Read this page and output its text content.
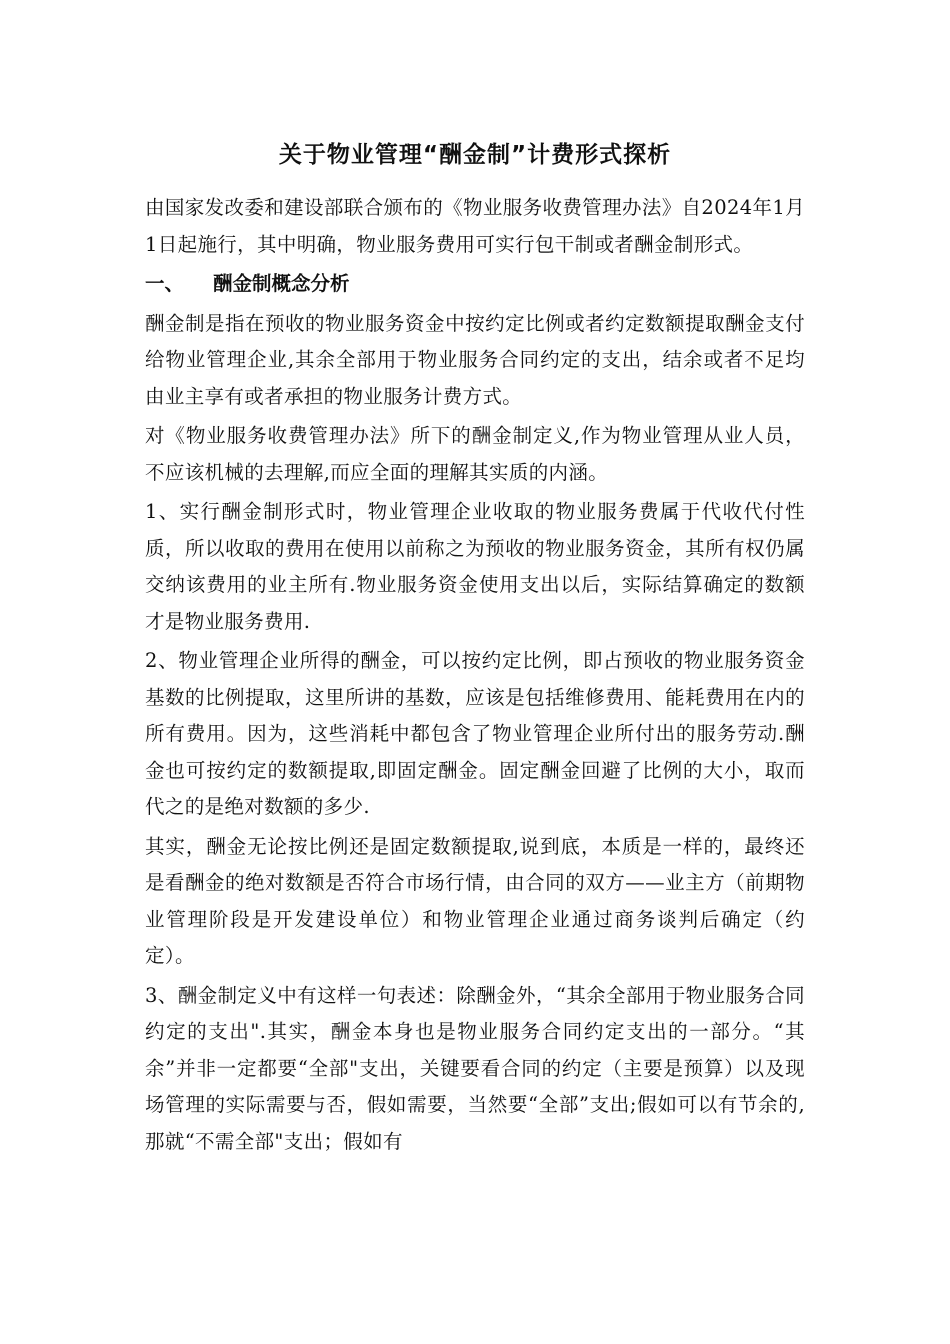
关于物业管理“酬金制”计费形式探析

由国家发改委和建设部联合颁布的《物业服务收费管理办法》自2024年1月1日起施行，其中明确，物业服务费用可实行包干制或者酬金制形式。

一、	酬金制概念分析

酬金制是指在预收的物业服务资金中按约定比例或者约定数额提取酬金支付给物业管理企业,其余全部用于物业服务合同约定的支出，结余或者不足均由业主享有或者承担的物业服务计费方式。

对《物业服务收费管理办法》所下的酬金制定义,作为物业管理从业人员，不应该机械的去理解,而应全面的理解其实质的内涵。

1、实行酬金制形式时，物业管理企业收取的物业服务费属于代收代付性质，所以收取的费用在使用以前称之为预收的物业服务资金，其所有权仍属交纳该费用的业主所有.物业服务资金使用支出以后，实际结算确定的数额才是物业服务费用.

2、物业管理企业所得的酬金，可以按约定比例，即占预收的物业服务资金基数的比例提取，这里所讲的基数，应该是包括维修费用、能耗费用在内的所有费用。因为，这些消耗中都包含了物业管理企业所付出的服务劳动.酬金也可按约定的数额提取,即固定酬金。固定酬金回避了比例的大小，取而代之的是绝对数额的多少.

其实，酬金无论按比例还是固定数额提取,说到底，本质是一样的，最终还是看酬金的绝对数额是否符合市场行情，由合同的双方——业主方（前期物业管理阶段是开发建设单位）和物业管理企业通过商务谈判后确定（约定）。

3、酬金制定义中有这样一句表述：除酬金外，“其余全部用于物业服务合同约定的支出".其实，酬金本身也是物业服务合同约定支出的一部分。“其余”并非一定都要“全部"支出，关键要看合同的约定（主要是预算）以及现场管理的实际需要与否，假如需要，当然要“全部”支出;假如可以有节余的,那就“不需全部"支出；假如有
